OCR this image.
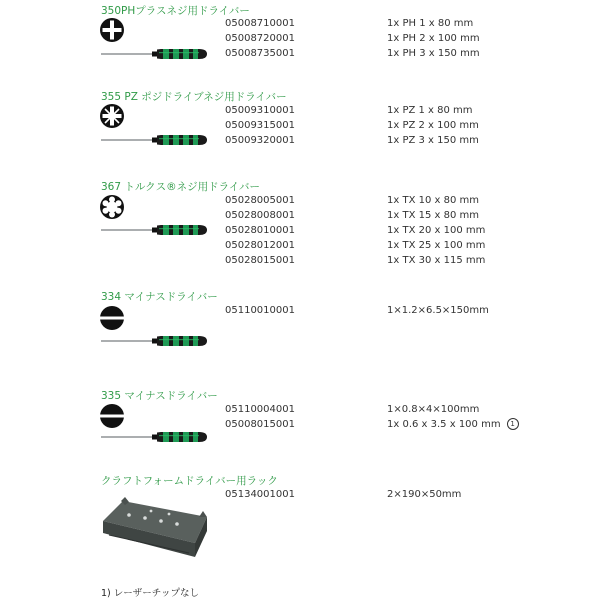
350PHプラスネジ用ドライバー
05008710001
05008720001
05008735001
1x PH 1 x 80 mm
1x PH 2 x 100 mm
1x PH 3 x 150 mm
355 PZ ポジドライブネジ用ドライバー
05009310001
05009315001
05009320001
1x PZ 1 x 80 mm
1x PZ 2 x 100 mm
1x PZ 3 x 150 mm
367 トルクス®ネジ用ドライバー
05028005001
05028008001
05028010001
05028012001
05028015001
1x TX 10 x 80 mm
1x TX 15 x 80 mm
1x TX 20 x 100 mm
1x TX 25 x 100 mm
1x TX 30 x 115 mm
334 マイナスドライバー
05110010001	1×1.2×6.5×150mm
335 マイナスドライバー
05110004001
05008015001
1×0.8×4×100mm
1x 0.6 x 3.5 x 100 mm 1
クラフトフォームドライバー用ラック
05134001001	2×190×50mm
1) レーザーチップなし
